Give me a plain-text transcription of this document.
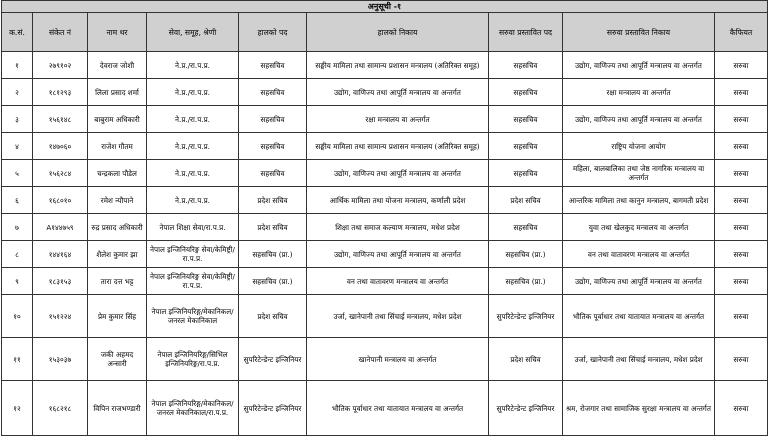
अनुसूची -१								
क.सं.	संकेत नं	नाम थर	सेवा, समूह, श्रेणी	हालको पद	हालको निकाय	सरुवा प्रस्तावित पद	सरुवा प्रस्तावित निकाय	कैफियत
१	२७९१०२	देवराज जोशी	ने.प्र./रा.प.प्र.	सहसचिव	सङ्घीय मामिला तथा सामान्य प्रशासन मन्त्रालय (अतिरिक्त समूह)	सहसचिव	उद्योग, वाणिज्य तथा आपूर्ति मन्त्रालय वा अन्तर्गत	सरुवा
२	१८१२९३	लिला प्रसाद शर्मा	ने.प्र./रा.प.प्र.	सहसचिव	उद्योग, वाणिज्य तथा आपूर्ति मन्त्रालय वा अन्तर्गत	सहसचिव	रक्षा मन्त्रालय वा अन्तर्गत	सरुवा
३	१५६१४८	बाबुराम अधिकारी	ने.प्र./रा.प.प्र.	सहसचिव	रक्षा मन्त्रालय वा अन्तर्गत	सहसचिव	उद्योग, वाणिज्य तथा आपूर्ति मन्त्रालय वा अन्तर्गत	सरुवा
४	१४७०६०	राजेश गौतम	ने.प्र./रा.प.प्र.	सहसचिव	सङ्घीय मामिला तथा सामान्य प्रशासन मन्त्रालय (अतिरिक्त समूह)	सहसचिव	राष्ट्रिय योजना आयोग	सरुवा
५	१५६२८४	चन्द्रकला पौडेल	ने.प्र./रा.प.प्र.	सहसचिव	उद्योग, वाणिज्य तथा आपूर्ति मन्त्रालय वा अन्तर्गत	सहसचिव	महिला, बालबालिका तथा जेष्ठ नागरिक मन्त्रालय वा अन्तर्गत	सरुवा
६	१६८०१०	रमेश न्यौपाने	ने.प्र./रा.प.प्र.	प्रदेश सचिव	आर्थिक मामिला तथा योजना मन्त्रालय, कर्णाली प्रदेश	प्रदेश सचिव	आन्तरिक मामिला तथा कानुन मन्त्रालय, बागमती प्रदेश	सरुवा
७	A१४४७५९	रुद्र प्रसाद अधिकारी	नेपाल शिक्षा सेवा/रा.प.प्र.	प्रदेश सचिव	शिक्षा तथा समाज कल्याण मन्त्रालय, मधेश प्रदेश	सहसचिव	युवा तथा खेलकुद मन्त्रालय वा अन्तर्गत	सरुवा
८	१४४१६४	शैलेश कुमार झा	नेपाल इन्जिनियरिङ्ग सेवा/केमिष्ट्री/रा.प.प्र.	सहसचिव (प्रा.)	उद्योग, वाणिज्य तथा आपूर्ति मन्त्रालय वा अन्तर्गत	सहसचिव (प्रा.)	वन तथा वातावरण मन्त्रालय वा अन्तर्गत	सरुवा
९	१८३१५३	तारा दत्त भट्ट	नेपाल इन्जिनियरिङ्ग सेवा/केमिष्ट्री/रा.प.प्र.	सहसचिव (प्रा.)	वन तथा वातावरण मन्त्रालय वा अन्तर्गत	सहसचिव (प्रा.)	उद्योग, वाणिज्य तथा आपूर्ति मन्त्रालय वा अन्तर्गत	सरुवा
१०	१५१२२४	प्रेम कुमार सिंह	नेपाल इन्जिनियरिङ्ग/मेकानिकल/जनरल मेकानिकाल	प्रदेश सचिव	उर्जा, खानेपानी तथा सिंचाई मन्त्रालय, मधेश प्रदेश	सुपरिटेन्डेन्ट इन्जिनियर	भौतिक पूर्वाधार तथा यातायात मन्त्रालय वा अन्तर्गत	सरुवा
११	१५३०३७	जकी अहमद अन्सारी	नेपाल इन्जिनियरिङ्ग/सिभिल इन्जिनियरिङ्ग/रा.प.प्र.	सुपरिटेन्डेन्ट इन्जिनियर	खानेपानी मन्त्रालय वा अन्तर्गत	प्रदेश सचिव	उर्जा, खानेपानी तथा सिंचाई मन्त्रालय, मधेश प्रदेश	सरुवा
१२	१६८२१८	विपिन राजभण्डारी	नेपाल इन्जिनियरिङ्ग/मेकानिकल/जनरल मेकानिकाल/रा.प.प्र.	सुपरिटेन्डेन्ट इन्जिनियर	भौतिक पूर्वाधार तथा यातायात मन्त्रालय वा अन्तर्गत	सुपरिटेन्डेन्ट इन्जिनियर	श्रम, रोजगार तथा सामाजिक सुरक्षा मन्त्रालय वा अन्तर्गत	सरुवा
